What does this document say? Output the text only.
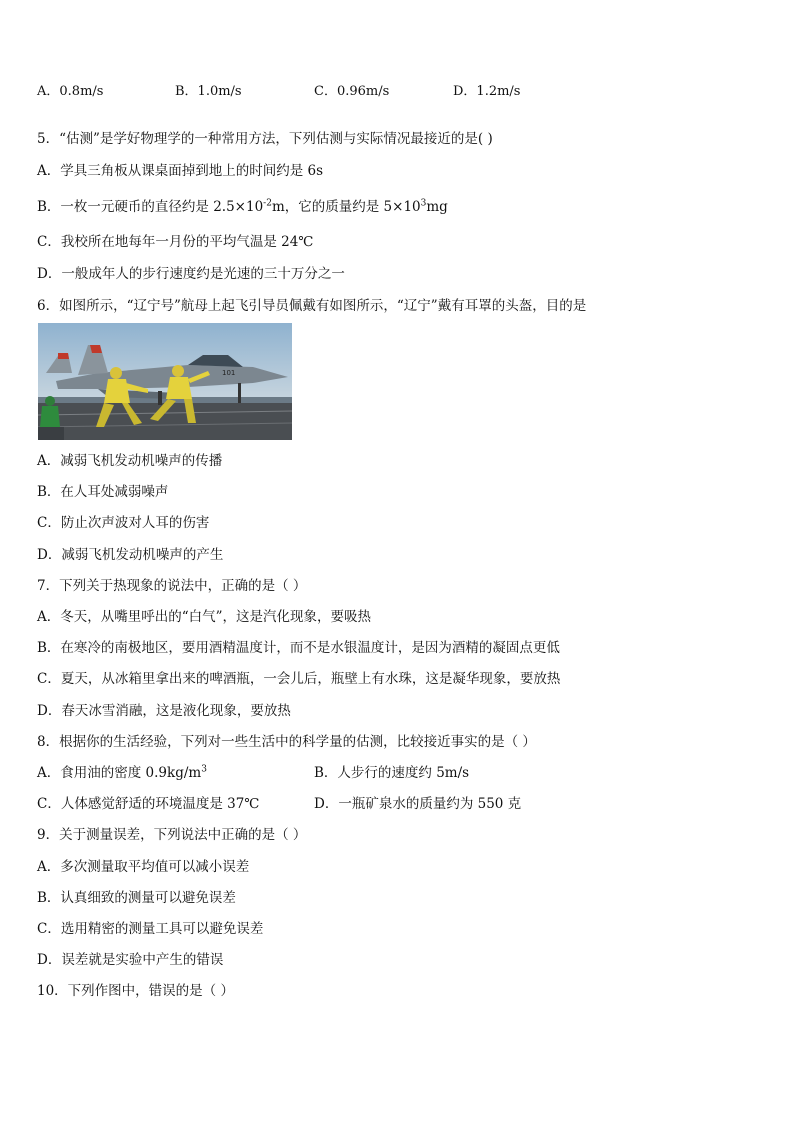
A．0.8m/s	B．1.0m/s	C．0.96m/s	D．1.2m/s
5．“估测”是学好物理学的一种常用方法，下列估测与实际情况最接近的是( )
A．学具三角板从课桌面掉到地上的时间约是 6s
B．一枚一元硬币的直径约是 $2.5\times 10^{-2}m$，它的质量约是 $5\times 10^3mg$
C．我校所在地每年一月份的平均气温是 24℃
D．一般成年人的步行速度约是光速的三十万分之一
6．如图所示，“辽宁号”航母上起飞引导员佩戴有如图所示，“辽宁”戴有耳罩的头盔，目的是
101
A．减弱飞机发动机噪声的传播
B．在人耳处减弱噪声
C．防止次声波对人耳的伤害
D．减弱飞机发动机噪声的产生
7．下列关于热现象的说法中，正确的是（ ）
A．冬天，从嘴里呼出的“白气”，这是汽化现象，要吸热
B．在寒冷的南极地区，要用酒精温度计，而不是水银温度计，是因为酒精的凝固点更低
C．夏天，从冰箱里拿出来的啤酒瓶，一会儿后，瓶壁上有水珠，这是凝华现象，要放热
D．春天冰雪消融，这是液化现象，要放热
8．根据你的生活经验，下列对一些生活中的科学量的估测，比较接近事实的是（ ）
A．食用油的密度 $0.9kg/m^3$	B．人步行的速度约 5m/s
C．人体感觉舒适的环境温度是 37℃	D．一瓶矿泉水的质量约为 550 克
9．关于测量误差，下列说法中正确的是（ ）
A．多次测量取平均值可以减小误差
B．认真细致的测量可以避免误差
C．选用精密的测量工具可以避免误差
D．误差就是实验中产生的错误
10．下列作图中，错误的是（ ）
